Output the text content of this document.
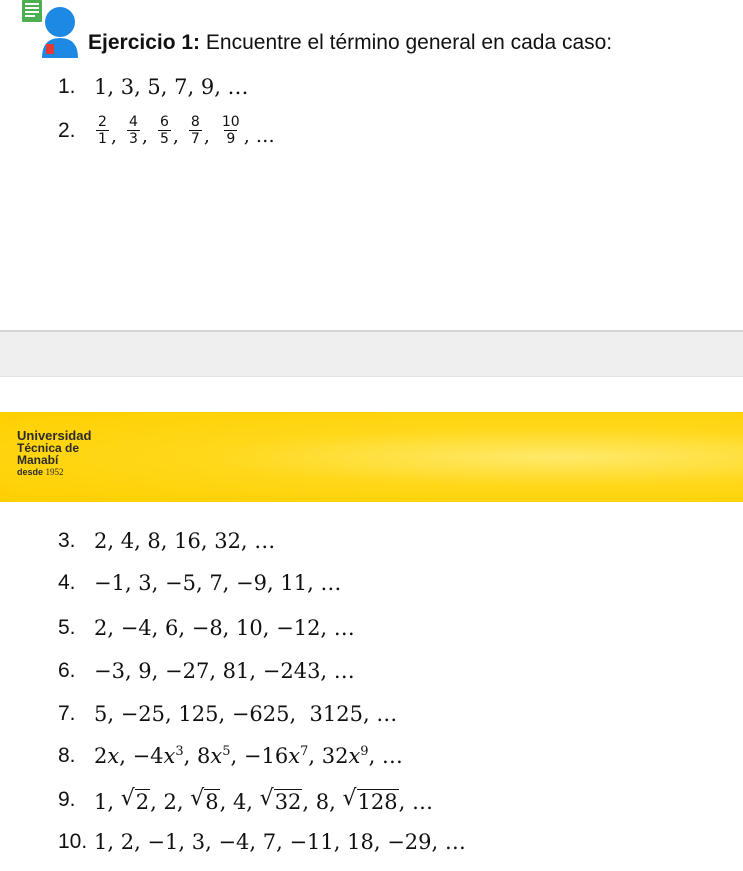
Ejercicio 1: Encuentre el término general en cada caso:
1. 1, 3, 5, 7, 9, …
2.	$\frac{2}{1}$ , $\frac{4}{3}$ , $\frac{6}{5}$ , $\frac{8}{7}$ , $\frac{10}{9}$ , …
Universidad
Técnica de
Manabí
desde 1952
3. 2, 4, 8, 16, 32, …
4. −1, 3, −5, 7, −9, 11, …
5. 2, −4, 6, −8, 10, −12, …
6. −3, 9, −27, 81, −243, …
7. 5, −25, 125, −625,  3125, …
8. 2x, $-4x^3$, $8x^5$, $-16x^7$, $32x^9$, …
9. 1, √ 2 , 2, √ 8 , 4, √ 32 , 8, √ 128 , …
10. 1, 2, −1, 3, −4, 7, −11, 18, −29, …
